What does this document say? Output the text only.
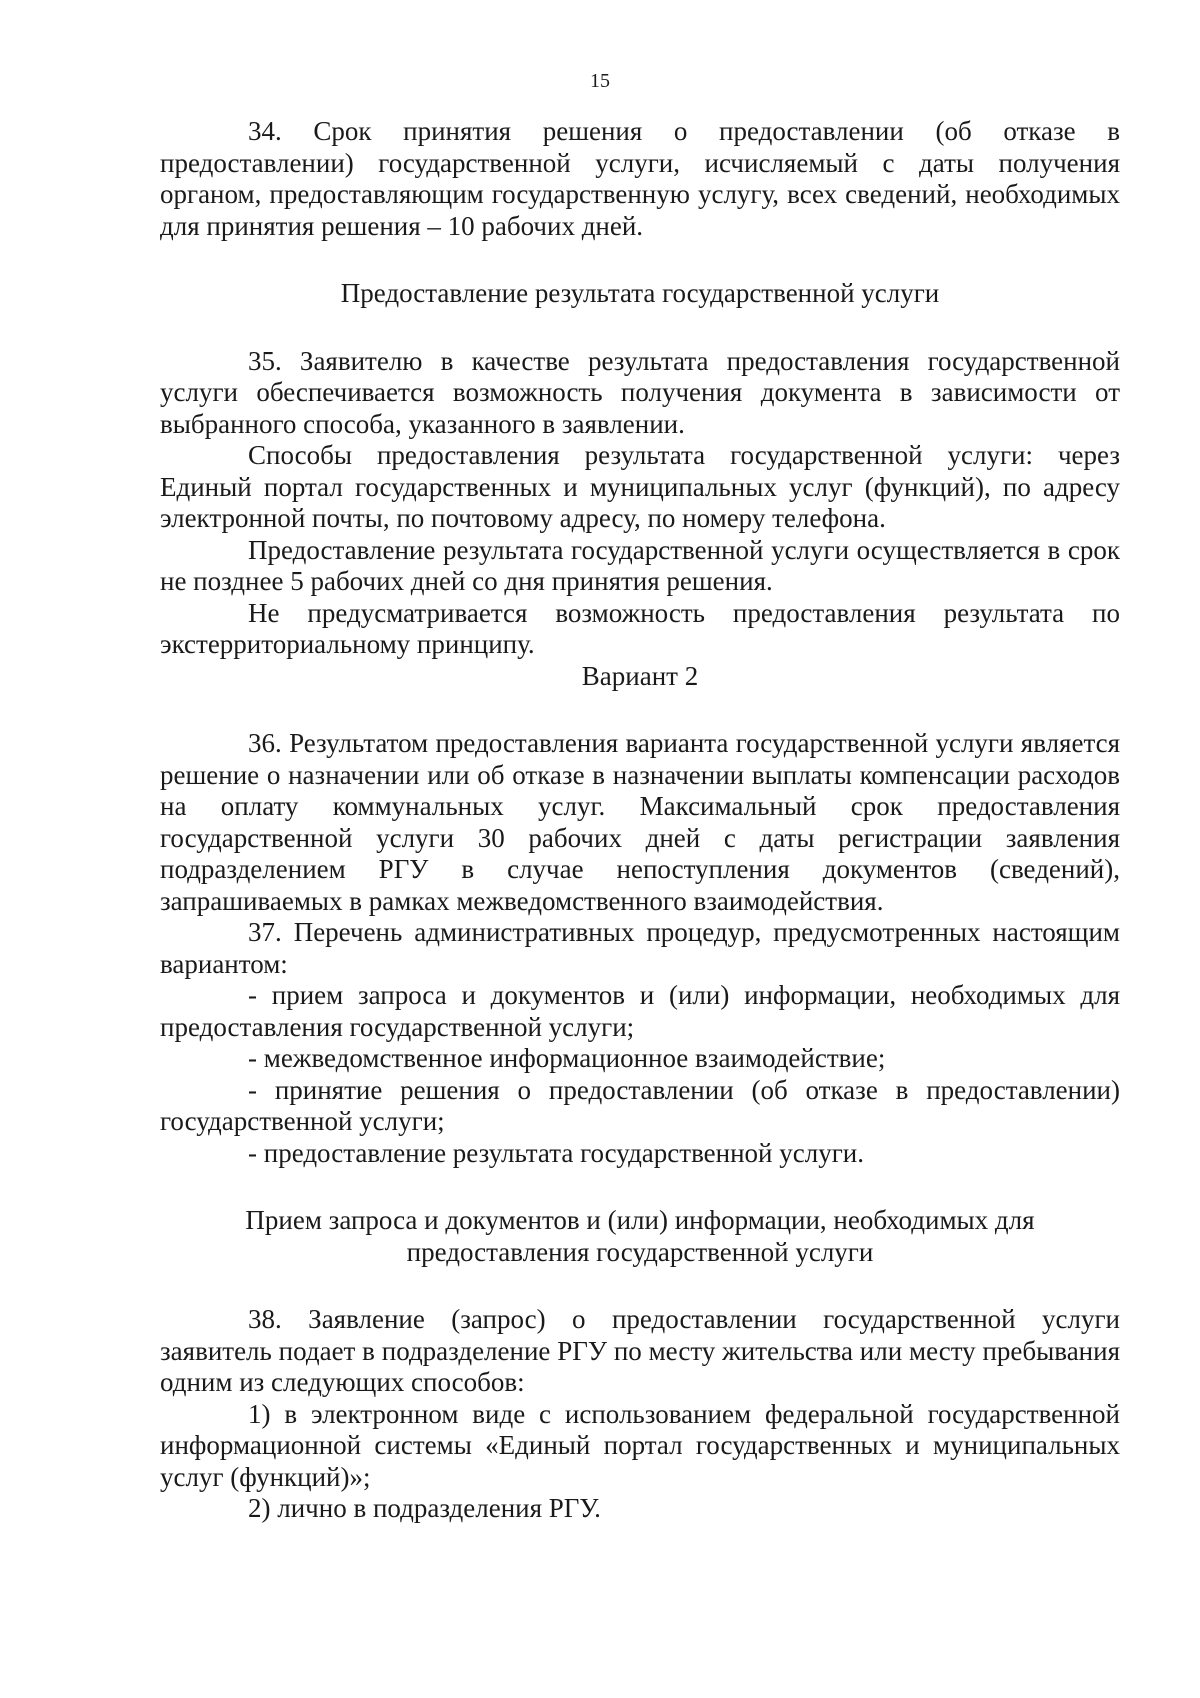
15

34. Срок принятия решения о предоставлении (об отказе в предоставлении) государственной услуги, исчисляемый с даты получения органом, предоставляющим государственную услугу, всех сведений, необходимых для принятия решения – 10 рабочих дней.

Предоставление результата государственной услуги

35. Заявителю в качестве результата предоставления государственной услуги обеспечивается возможность получения документа в зависимости от выбранного способа, указанного в заявлении.

Способы предоставления результата государственной услуги: через Единый портал государственных и муниципальных услуг (функций), по адресу электронной почты, по почтовому адресу, по номеру телефона.

Предоставление результата государственной услуги осуществляется в срок не позднее 5 рабочих дней со дня принятия решения.

Не предусматривается возможность предоставления результата по экстерриториальному принципу.

Вариант 2

36. Результатом предоставления варианта государственной услуги является решение о назначении или об отказе в назначении выплаты компенсации расходов на оплату коммунальных услуг. Максимальный срок предоставления государственной услуги 30 рабочих дней с даты регистрации заявления подразделением РГУ в случае непоступления документов (сведений), запрашиваемых в рамках межведомственного взаимодействия.

37. Перечень административных процедур, предусмотренных настоящим вариантом:

- прием запроса и документов и (или) информации, необходимых для предоставления государственной услуги;

- межведомственное информационное взаимодействие;

- принятие решения о предоставлении (об отказе в предоставлении) государственной услуги;

- предоставление результата государственной услуги.

Прием запроса и документов и (или) информации, необходимых для

предоставления государственной услуги

38. Заявление (запрос) о предоставлении государственной услуги заявитель подает в подразделение РГУ по месту жительства или месту пребывания одним из следующих способов:

1) в электронном виде с использованием федеральной государственной информационной системы «Единый портал государственных и муниципальных услуг (функций)»;

2) лично в подразделения РГУ.
